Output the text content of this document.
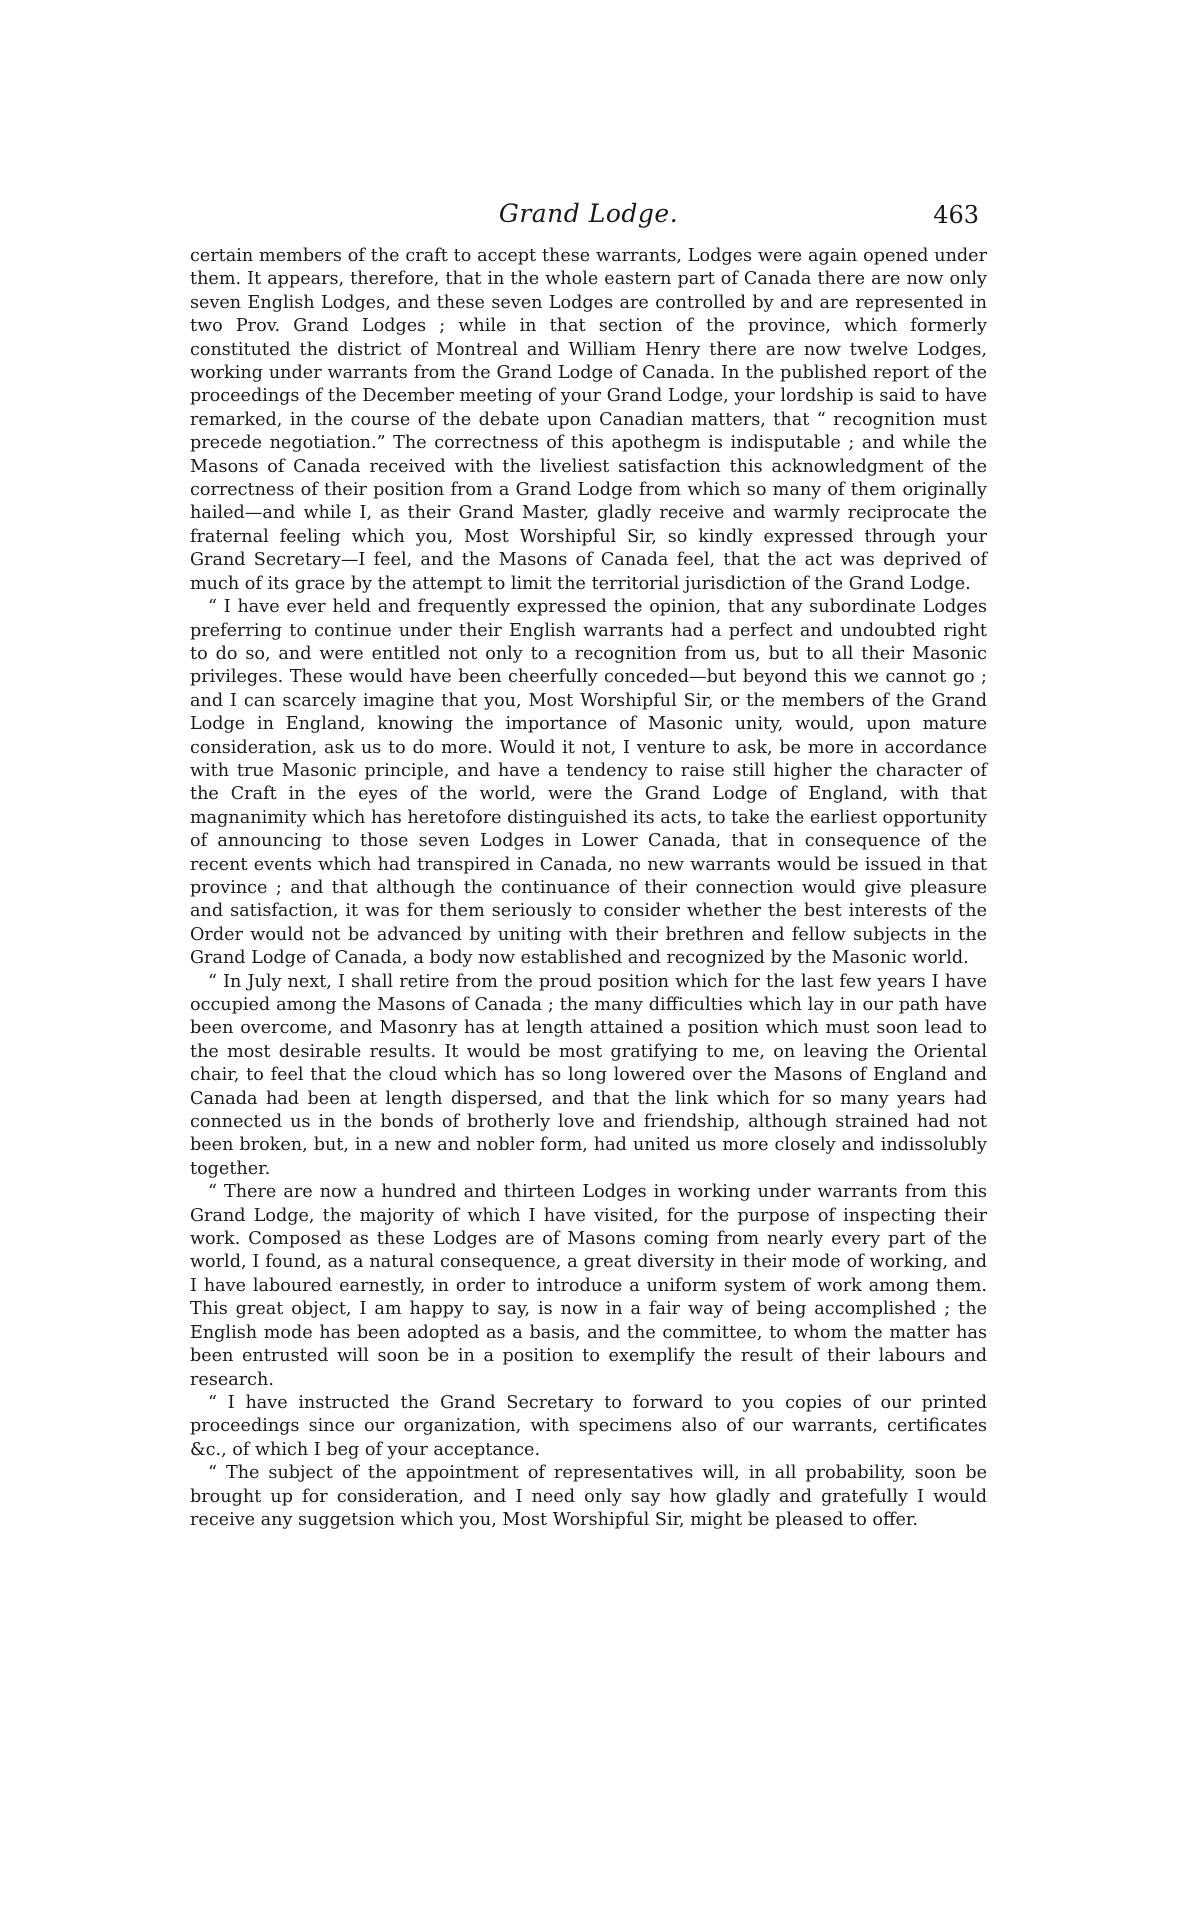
Grand Lodge.	463

certain members of the craft to accept these warrants, Lodges were again opened under them. It appears, therefore, that in the whole eastern part of Canada there are now only seven English Lodges, and these seven Lodges are controlled by and are represented in two Prov. Grand Lodges ; while in that section of the province, which formerly constituted the district of Montreal and William Henry there are now twelve Lodges, working under warrants from the Grand Lodge of Canada. In the published report of the proceedings of the December meeting of your Grand Lodge, your lordship is said to have remarked, in the course of the debate upon Canadian matters, that “ recognition must precede negotiation.” The correctness of this apothegm is indisputable ; and while the Masons of Canada received with the liveliest satisfaction this acknowledgment of the correctness of their position from a Grand Lodge from which so many of them originally hailed—and while I, as their Grand Master, gladly receive and warmly reciprocate the fraternal feeling which you, Most Worshipful Sir, so kindly expressed through your Grand Secretary—I feel, and the Masons of Canada feel, that the act was deprived of much of its grace by the attempt to limit the territorial jurisdiction of the Grand Lodge.

“ I have ever held and frequently expressed the opinion, that any subordinate Lodges preferring to continue under their English warrants had a perfect and undoubted right to do so, and were entitled not only to a recognition from us, but to all their Masonic privileges. These would have been cheerfully conceded—but beyond this we cannot go ; and I can scarcely imagine that you, Most Worshipful Sir, or the members of the Grand Lodge in England, knowing the importance of Masonic unity, would, upon mature consideration, ask us to do more. Would it not, I venture to ask, be more in accordance with true Masonic principle, and have a tendency to raise still higher the character of the Craft in the eyes of the world, were the Grand Lodge of England, with that magnanimity which has heretofore distinguished its acts, to take the earliest opportunity of announcing to those seven Lodges in Lower Canada, that in consequence of the recent events which had transpired in Canada, no new warrants would be issued in that province ; and that although the continuance of their connection would give pleasure and satisfaction, it was for them seriously to consider whether the best interests of the Order would not be advanced by uniting with their brethren and fellow subjects in the Grand Lodge of Canada, a body now established and recognized by the Masonic world.

“ In July next, I shall retire from the proud position which for the last few years I have occupied among the Masons of Canada ; the many difficulties which lay in our path have been overcome, and Masonry has at length attained a position which must soon lead to the most desirable results. It would be most gratifying to me, on leaving the Oriental chair, to feel that the cloud which has so long lowered over the Masons of England and Canada had been at length dispersed, and that the link which for so many years had connected us in the bonds of brotherly love and friendship, although strained had not been broken, but, in a new and nobler form, had united us more closely and indissolubly together.

“ There are now a hundred and thirteen Lodges in working under warrants from this Grand Lodge, the majority of which I have visited, for the purpose of inspecting their work. Composed as these Lodges are of Masons coming from nearly every part of the world, I found, as a natural consequence, a great diversity in their mode of working, and I have laboured earnestly, in order to introduce a uniform system of work among them. This great object, I am happy to say, is now in a fair way of being accomplished ; the English mode has been adopted as a basis, and the committee, to whom the matter has been entrusted will soon be in a position to exemplify the result of their labours and research.

“ I have instructed the Grand Secretary to forward to you copies of our printed proceedings since our organization, with specimens also of our warrants, certificates &c., of which I beg of your acceptance.

“ The subject of the appointment of representatives will, in all probability, soon be brought up for consideration, and I need only say how gladly and gratefully I would receive any suggetsion which you, Most Worshipful Sir, might be pleased to offer.
